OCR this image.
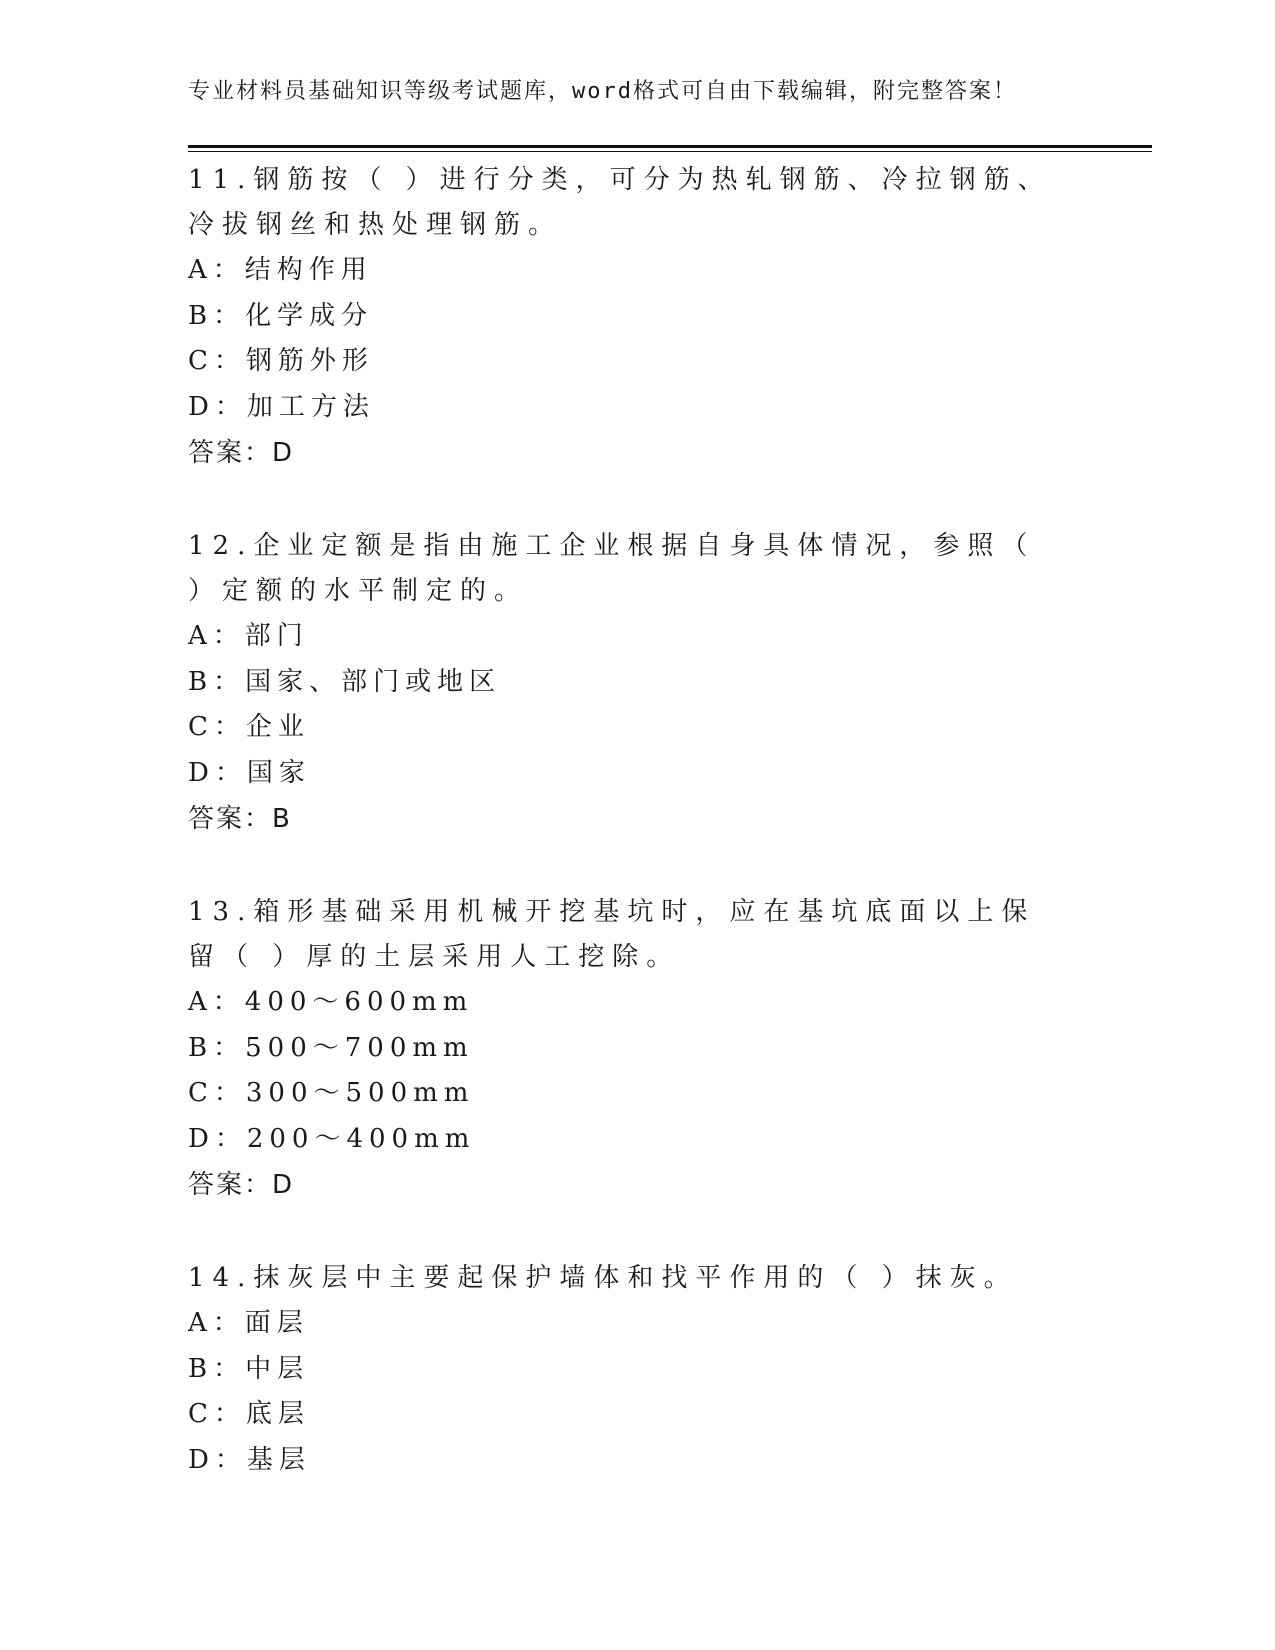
专业材料员基础知识等级考试题库，word格式可自由下载编辑，附完整答案！

11.钢筋按（ ）进行分类，可分为热轧钢筋、冷拉钢筋、冷拔钢丝和热处理钢筋。

A：结构作用

B：化学成分

C：钢筋外形

D：加工方法

答案：D

12.企业定额是指由施工企业根据自身具体情况，参照（ ）定额的水平制定的。

A：部门

B：国家、部门或地区

C：企业

D：国家

答案：B

13.箱形基础采用机械开挖基坑时，应在基坑底面以上保留（ ）厚的土层采用人工挖除。

A：400～600mm

B：500～700mm

C：300～500mm

D：200～400mm

答案：D

14.抹灰层中主要起保护墙体和找平作用的（ ）抹灰。

A：面层

B：中层

C：底层

D：基层
